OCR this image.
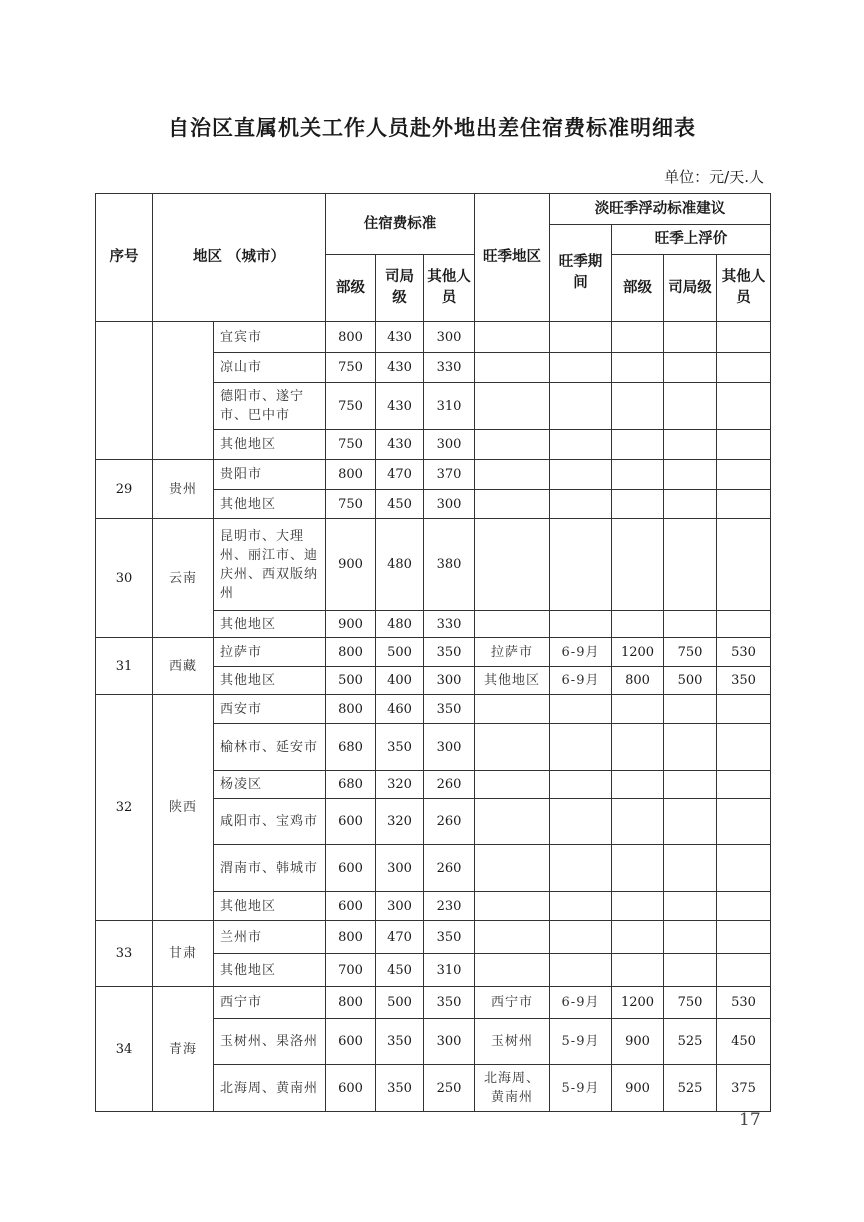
自治区直属机关工作人员赴外地出差住宿费标准明细表
单位：元/天.人
序号	地区 （城市）		住宿费标准			旺季地区	淡旺季浮动标准建议			
							旺季期间	旺季上浮价		
			部级	司局级	其他人员			部级	司局级	其他人员
		宜宾市	800	430	300					
		凉山市	750	430	330					
		德阳市、遂宁市、巴中市	750	430	310					
		其他地区	750	430	300					
29	贵州	贵阳市	800	470	370					
		其他地区	750	450	300					
30	云南	昆明市、大理州、丽江市、迪庆州、西双版纳州	900	480	380					
		其他地区	900	480	330					
31	西藏	拉萨市	800	500	350	拉萨市	6-9月	1200	750	530
		其他地区	500	400	300	其他地区	6-9月	800	500	350
32	陕西	西安市	800	460	350					
		榆林市、延安市	680	350	300					
		杨凌区	680	320	260					
		咸阳市、宝鸡市	600	320	260					
		渭南市、韩城市	600	300	260					
		其他地区	600	300	230					
33	甘肃	兰州市	800	470	350					
		其他地区	700	450	310					
34	青海	西宁市	800	500	350	西宁市	6-9月	1200	750	530
		玉树州、果洛州	600	350	300	玉树州	5-9月	900	525	450
		北海周、黄南州	600	350	250	北海周、黄南州	5-9月	900	525	375
17
